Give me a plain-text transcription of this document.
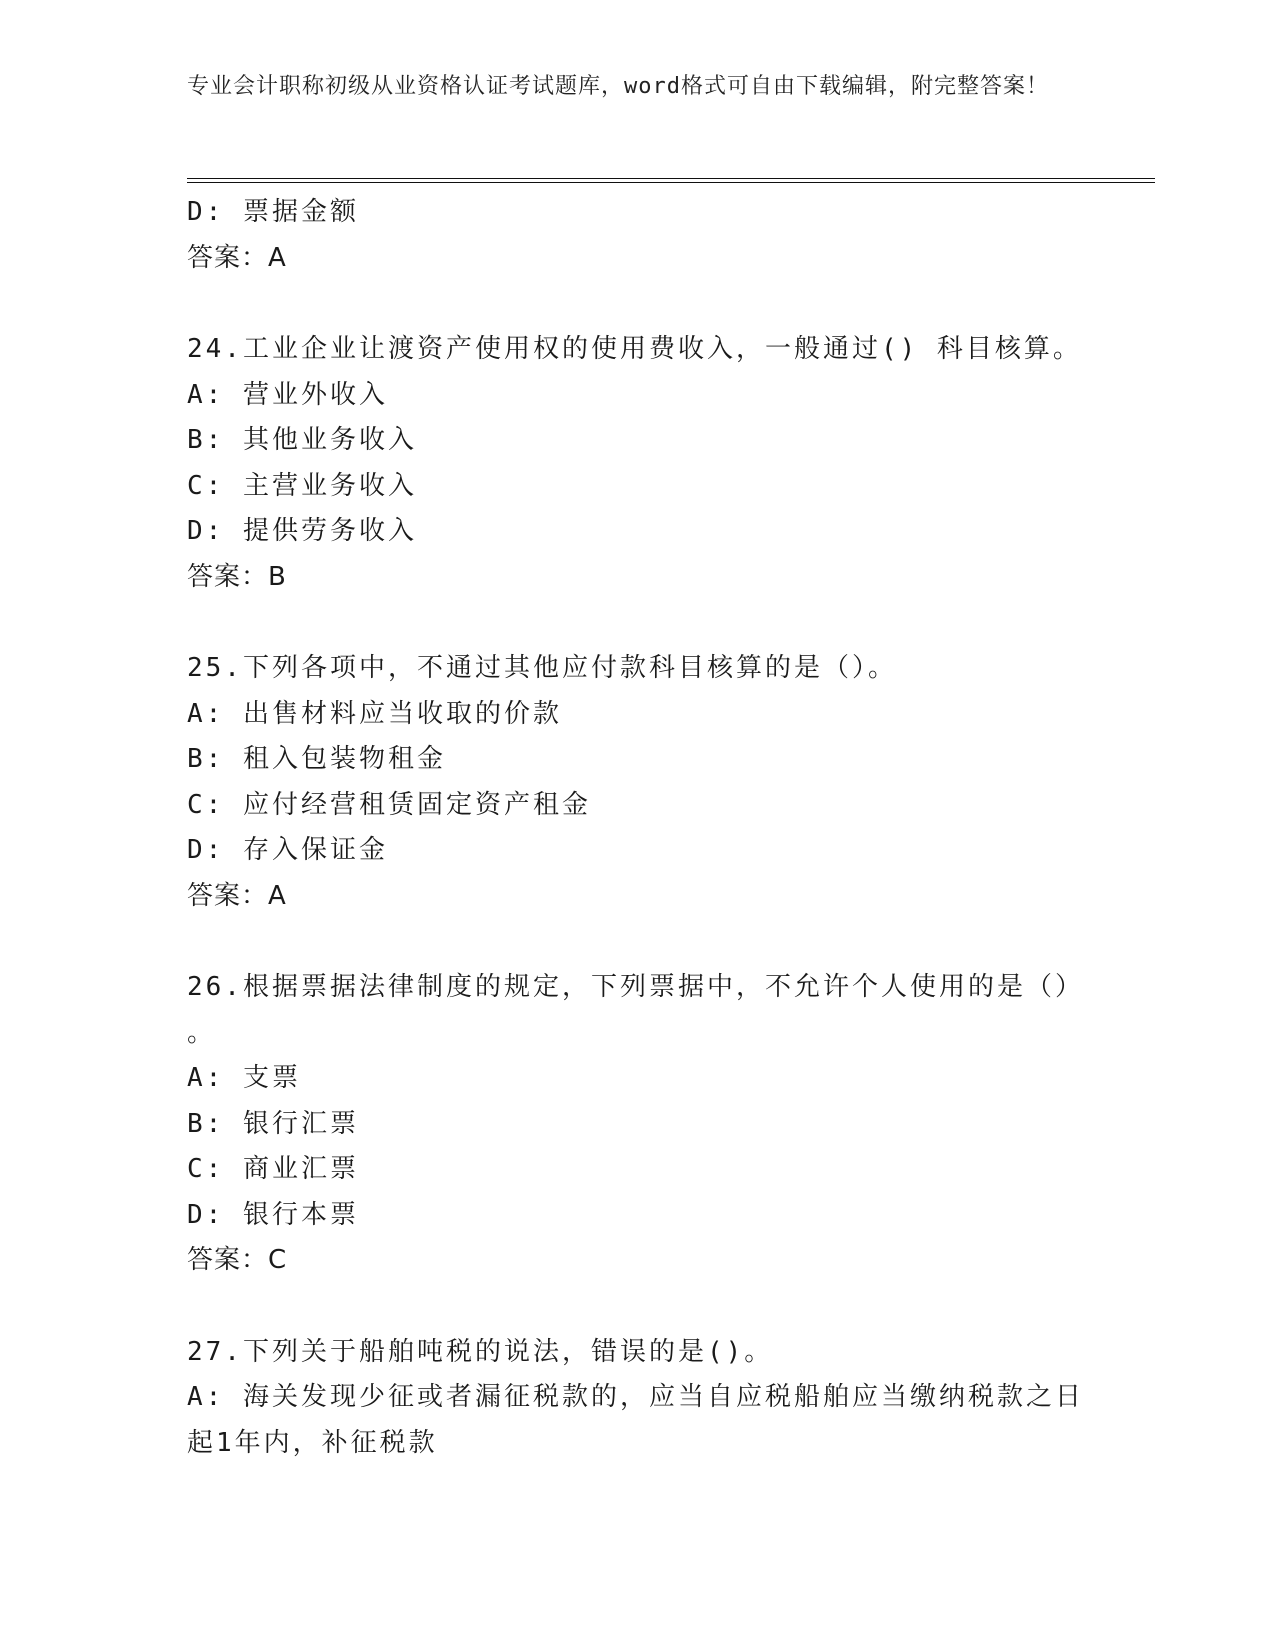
专业会计职称初级从业资格认证考试题库，word格式可自由下载编辑，附完整答案！

D: 票据金额

答案：A

24.工业企业让渡资产使用权的使用费收入，一般通过() 科目核算。

A: 营业外收入

B: 其他业务收入

C: 主营业务收入

D: 提供劳务收入

答案：B

25.下列各项中，不通过其他应付款科目核算的是（）。

A: 出售材料应当收取的价款

B: 租入包装物租金

C: 应付经营租赁固定资产租金

D: 存入保证金

答案：A

26.根据票据法律制度的规定，下列票据中，不允许个人使用的是（）

。

A: 支票

B: 银行汇票

C: 商业汇票

D: 银行本票

答案：C

27.下列关于船舶吨税的说法，错误的是()。

A: 海关发现少征或者漏征税款的，应当自应税船舶应当缴纳税款之日起1年内，补征税款
